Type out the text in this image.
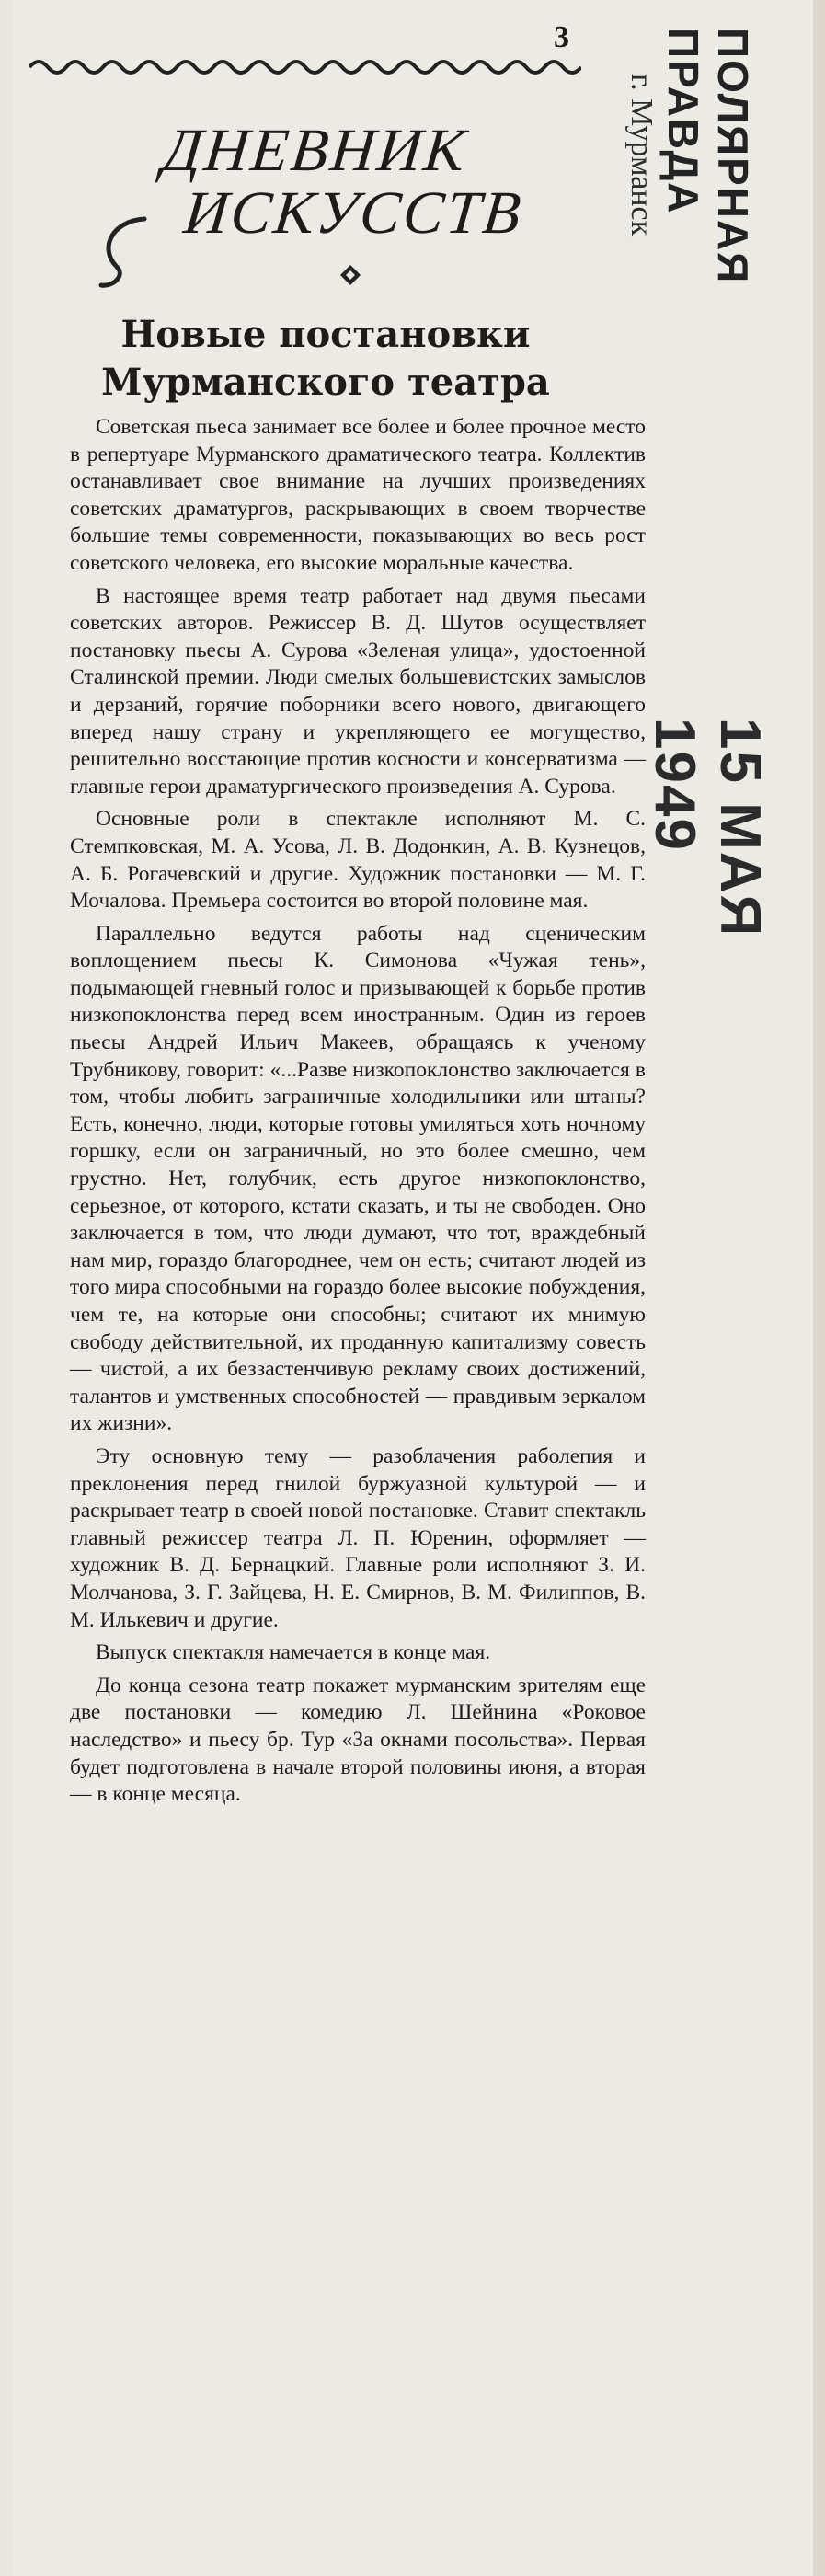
3	ПОЛЯРНАЯ ПРАВДА
г. Мурманск
15 МАЯ 1949
ДНЕВНИК
ИСКУССТВ
Новые постановки
Мурманского театра

Советская пьеса занимает все более и более прочное место в репертуаре Мурманского драматического театра. Коллектив останавливает свое внимание на лучших произведениях советских драматургов, раскрывающих в своем творчестве большие темы современности, показывающих во весь рост советского человека, его высокие моральные качества.

В настоящее время театр работает над двумя пьесами советских авторов. Режиссер В. Д. Шутов осуществляет постановку пьесы А. Сурова «Зеленая улица», удостоенной Сталинской премии. Люди смелых большевистских замыслов и дерзаний, горячие поборники всего нового, двигающего вперед нашу страну и укрепляющего ее могущество, решительно восстающие против косности и консерватизма — главные герои драматургического произведения А. Сурова.

Основные роли в спектакле исполняют М. С. Стемпковская, М. А. Усова, Л. В. Додонкин, А. В. Кузнецов, А. Б. Рогачевский и другие. Художник постановки — М. Г. Мочалова. Премьера состоится во второй половине мая.

Параллельно ведутся работы над сценическим воплощением пьесы К. Симонова «Чужая тень», подымающей гневный голос и призывающей к борьбе против низкопоклонства перед всем иностранным. Один из героев пьесы Андрей Ильич Макеев, обращаясь к ученому Трубникову, говорит: «...Разве низкопоклонство заключается в том, чтобы любить заграничные холодильники или штаны? Есть, конечно, люди, которые готовы умиляться хоть ночному горшку, если он заграничный, но это более смешно, чем грустно. Нет, голубчик, есть другое низкопоклонство, серьезное, от которого, кстати сказать, и ты не свободен. Оно заключается в том, что люди думают, что тот, враждебный нам мир, гораздо благороднее, чем он есть; считают людей из того мира способными на гораздо более высокие побуждения, чем те, на которые они способны; считают их мнимую свободу действительной, их проданную капитализму совесть — чистой, а их беззастенчивую рекламу своих достижений, талантов и умственных способностей — правдивым зеркалом их жизни».

Эту основную тему — разоблачения раболепия и преклонения перед гнилой буржуазной культурой — и раскрывает театр в своей новой постановке. Ставит спектакль главный режиссер театра Л. П. Юренин, оформляет — художник В. Д. Бернацкий. Главные роли исполняют З. И. Молчанова, З. Г. Зайцева, Н. Е. Смирнов, В. М. Филиппов, В. М. Илькевич и другие.

Выпуск спектакля намечается в конце мая.

До конца сезона театр покажет мурманским зрителям еще две постановки — комедию Л. Шейнина «Роковое наследство» и пьесу бр. Тур «За окнами посольства». Первая будет подготовлена в начале второй половины июня, а вторая — в конце месяца.
